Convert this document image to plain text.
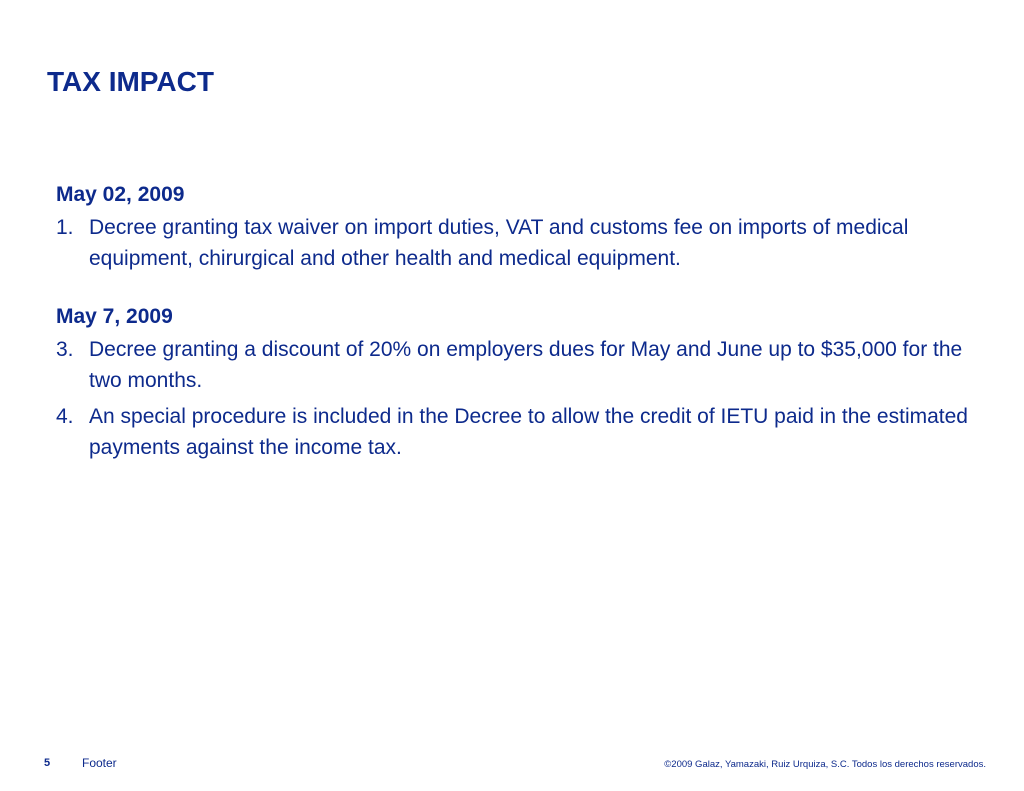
TAX IMPACT

May 02, 2009

1. Decree granting tax waiver on import duties, VAT and customs fee on imports of medical equipment, chirurgical and other health and medical equipment.

May 7, 2009

3. Decree granting a discount of 20% on employers dues for May and June up to $35,000 for the two months.
4. An special procedure is included in the Decree to allow the credit of IETU paid in the estimated payments against the income tax.
5	Footer	©2009 Galaz, Yamazaki, Ruiz Urquiza, S.C. Todos los derechos reservados.
